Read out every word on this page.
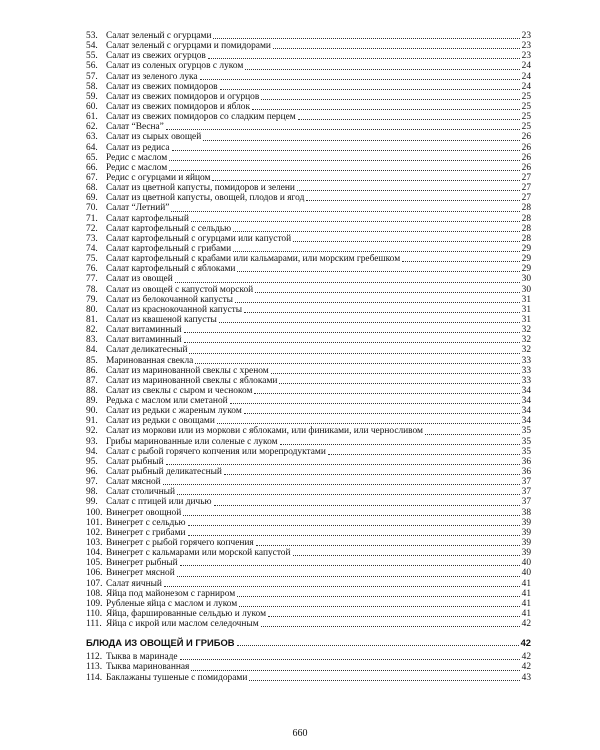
53. Салат зеленый с огурцами	23
54. Салат зеленый с огурцами и помидорами	23
55. Салат из свежих огурцов	23
56. Салат из соленых огурцов с луком	24
57. Салат из зеленого лука	24
58. Салат из свежих помидоров	24
59. Салат из свежих помидоров и огурцов	25
60. Салат из свежих помидоров и яблок	25
61. Салат из свежих помидоров со сладким перцем	25
62. Салат “Весна”	25
63. Салат из сырых овощей	26
64. Салат из редиса	26
65. Редис с маслом	26
66. Редис с маслом	26
67. Редис с огурцами и яйцом	27
68. Салат из цветной капусты, помидоров и зелени	27
69. Салат из цветной капусты, овощей, плодов и ягод	27
70. Салат “Летний”	28
71. Салат картофельный	28
72. Салат картофельный с сельдью	28
73. Салат картофельный с огурцами или капустой	28
74. Салат картофельный с грибами	29
75. Салат картофельный с крабами или кальмарами, или морским гребешком	29
76. Салат картофельный с яблоками	29
77. Салат из овощей	30
78. Салат из овощей с капустой морской	30
79. Салат из белокочанной капусты	31
80. Салат из краснокочанной капусты	31
81. Салат из квашеной капусты	31
82. Салат витаминный	32
83. Салат витаминный	32
84. Салат деликатесный	32
85. Маринованная свекла	33
86. Салат из маринованной свеклы с хреном	33
87. Салат из маринованной свеклы с яблоками	33
88. Салат из свеклы с сыром и чесноком	34
89. Редька с маслом или сметаной	34
90. Салат из редьки с жареным луком	34
91. Салат из редьки с овощами	34
92. Салат из моркови или из моркови с яблоками, или финиками, или черносливом	35
93. Грибы маринованные или соленые с луком	35
94. Салат с рыбой горячего копчения или морепродуктами	35
95. Салат рыбный	36
96. Салат рыбный деликатесный	36
97. Салат мясной	37
98. Салат столичный	37
99. Салат с птицей или дичью	37
100. Винегрет овощной	38
101. Винегрет с сельдью	39
102. Винегрет с грибами	39
103. Винегрет с рыбой горячего копчения	39
104. Винегрет с кальмарами или морской капустой	39
105. Винегрет рыбный	40
106. Винегрет мясной	40
107. Салат яичный	41
108. Яйца под майонезом с гарниром	41
109. Рубленые яйца с маслом и луком	41
110. Яйца, фаршированные сельдью и луком	41
111. Яйца с икрой или маслом селедочным	42
БЛЮДА ИЗ ОВОЩЕЙ И ГРИБОВ	42
112. Тыква в маринаде	42
113. Тыква маринованная	42
114. Баклажаны тушеные с помидорами	43
660
